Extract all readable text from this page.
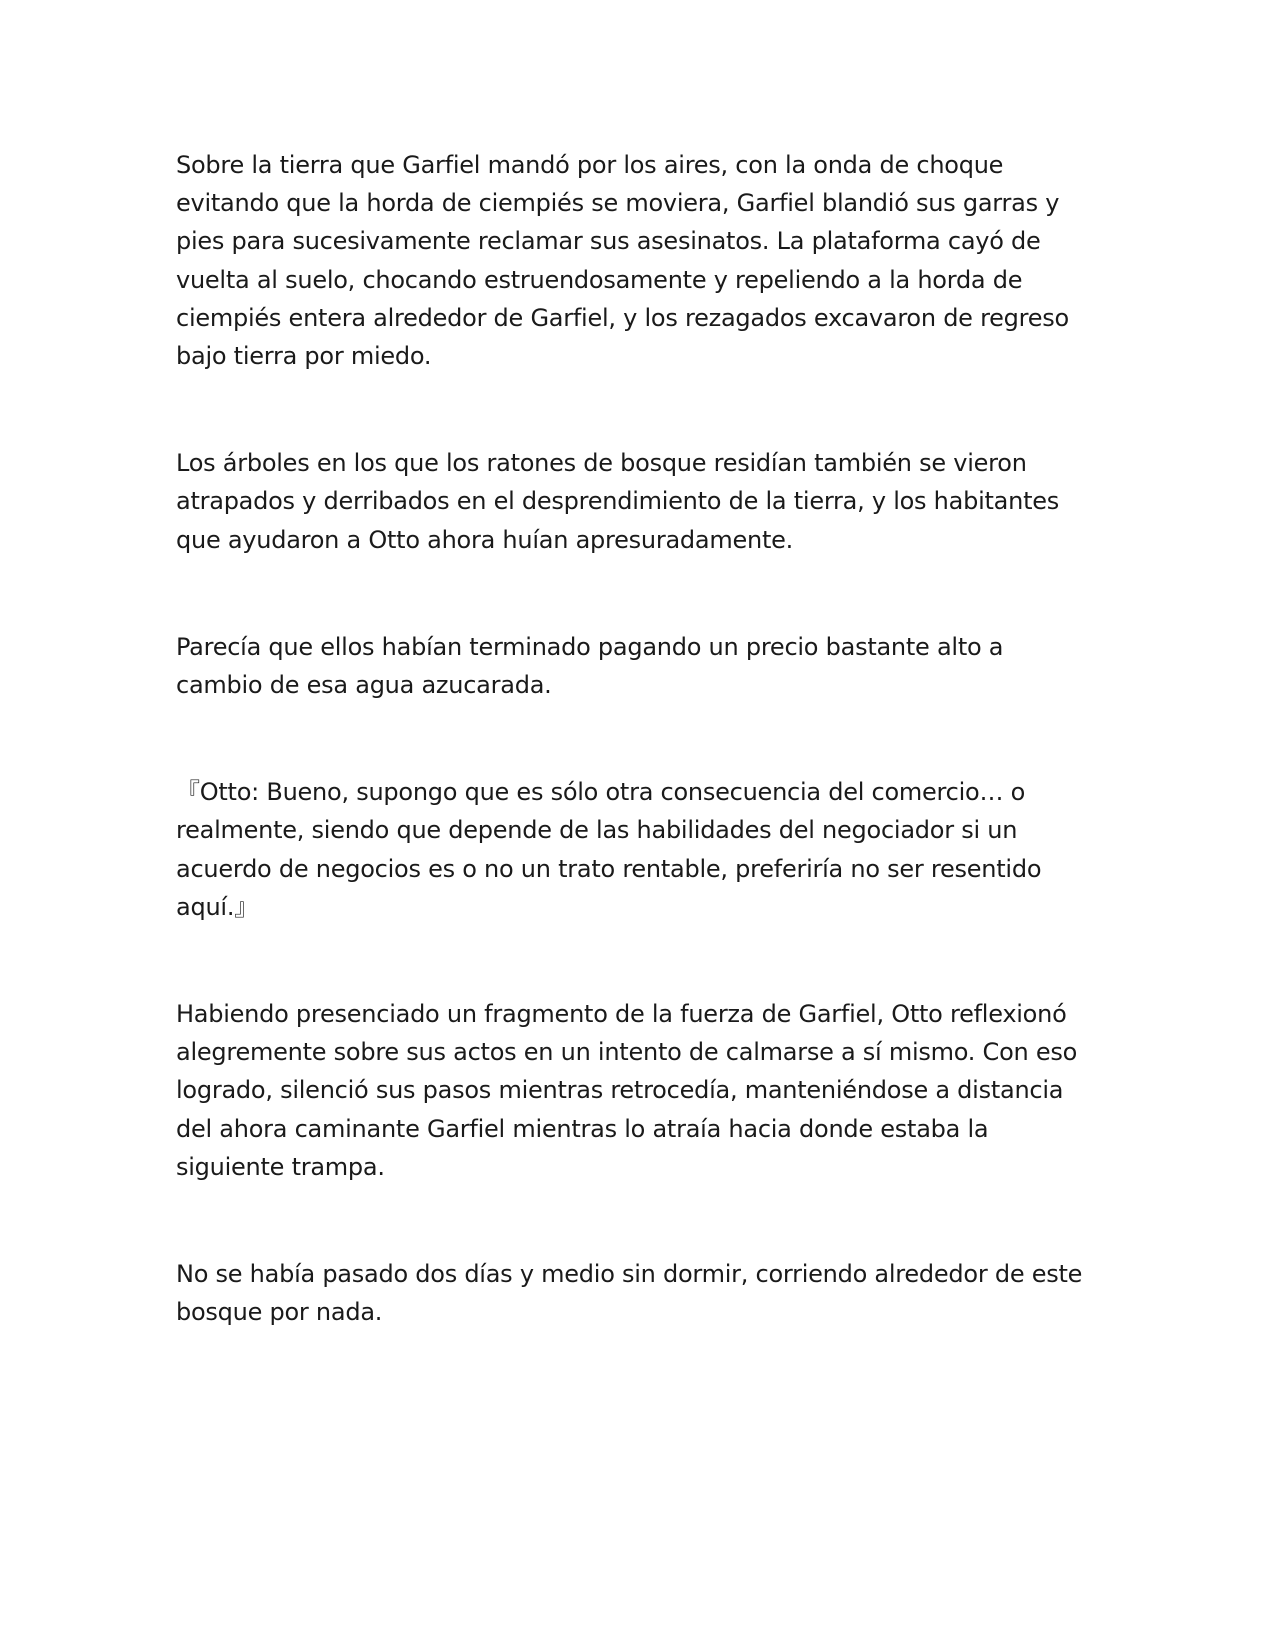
Sobre la tierra que Garfiel mandó por los aires, con la onda de choque
evitando que la horda de ciempiés se moviera, Garfiel blandió sus garras y
pies para sucesivamente reclamar sus asesinatos. La plataforma cayó de
vuelta al suelo, chocando estruendosamente y repeliendo a la horda de
ciempiés entera alrededor de Garfiel, y los rezagados excavaron de regreso
bajo tierra por miedo.

Los árboles en los que los ratones de bosque residían también se vieron
atrapados y derribados en el desprendimiento de la tierra, y los habitantes
que ayudaron a Otto ahora huían apresuradamente.

Parecía que ellos habían terminado pagando un precio bastante alto a
cambio de esa agua azucarada.

『Otto: Bueno, supongo que es sólo otra consecuencia del comercio… o
realmente, siendo que depende de las habilidades del negociador si un
acuerdo de negocios es o no un trato rentable, preferiría no ser resentido
aquí.』

Habiendo presenciado un fragmento de la fuerza de Garfiel, Otto reflexionó
alegremente sobre sus actos en un intento de calmarse a sí mismo. Con eso
logrado, silenció sus pasos mientras retrocedía, manteniéndose a distancia
del ahora caminante Garfiel mientras lo atraía hacia donde estaba la
siguiente trampa.

No se había pasado dos días y medio sin dormir, corriendo alrededor de este
bosque por nada.
